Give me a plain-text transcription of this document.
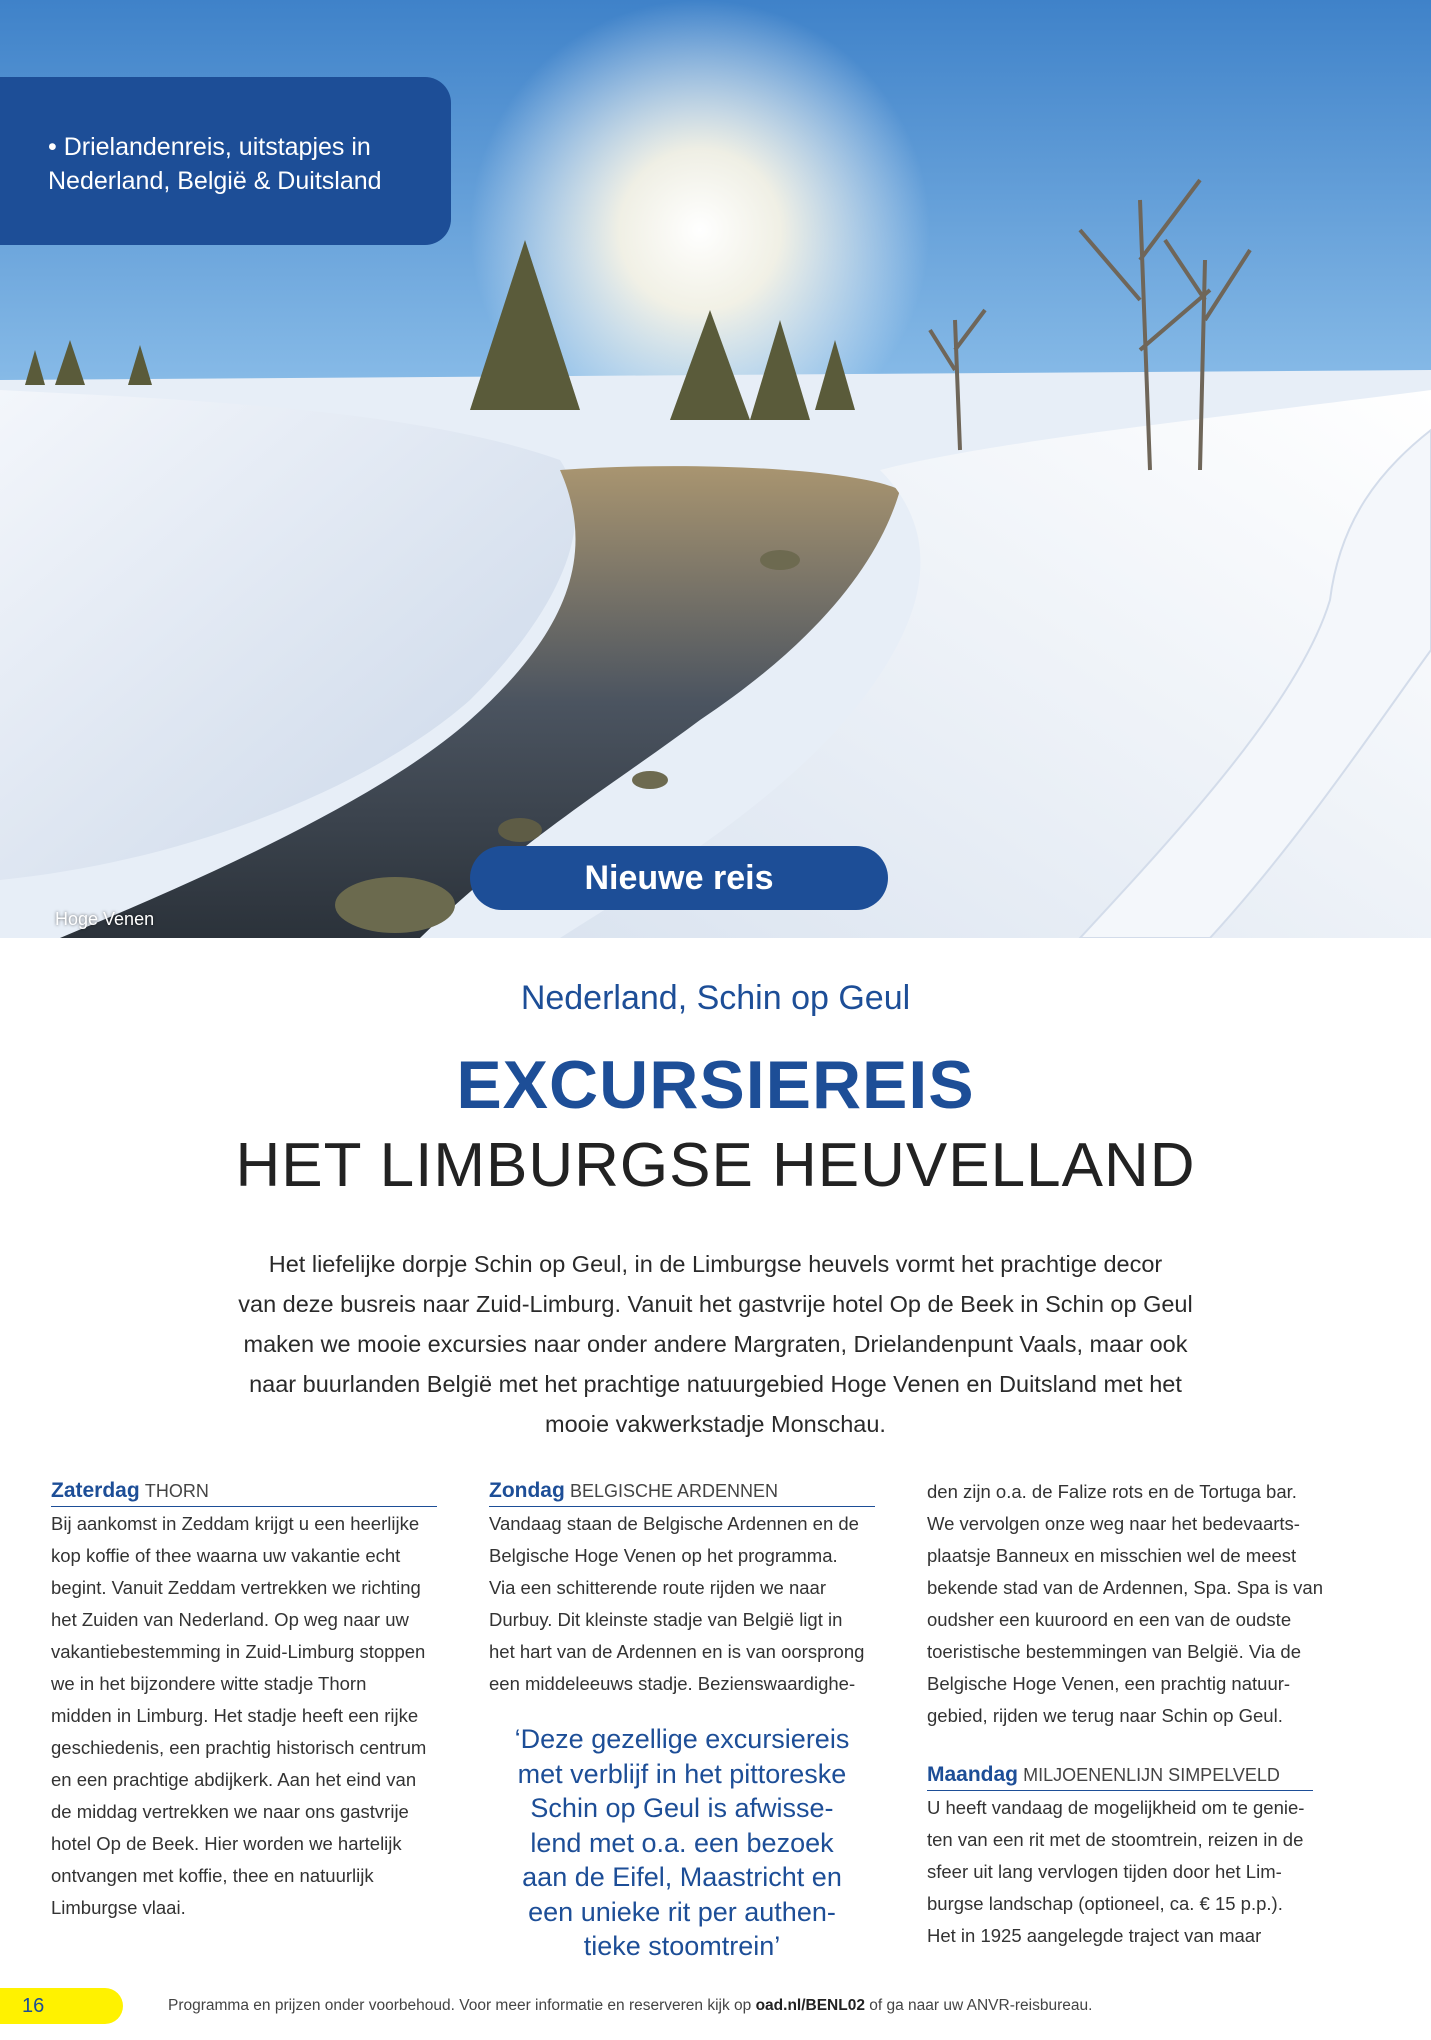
• Drielandenreis, uitstapjes in
Nederland, België & Duitsland
Nieuwe reis
Hoge Venen
Nederland, Schin op Geul
EXCURSIEREIS
HET LIMBURGSE HEUVELLAND
Het liefelijke dorpje Schin op Geul, in de Limburgse heuvels vormt het prachtige decor
van deze busreis naar Zuid-Limburg. Vanuit het gastvrije hotel Op de Beek in Schin op Geul
maken we mooie excursies naar onder andere Margraten, Drielandenpunt Vaals, maar ook
naar buurlanden België met het prachtige natuurgebied Hoge Venen en Duitsland met het
mooie vakwerkstadje Monschau.
Zaterdag THORN
Bij aankomst in Zeddam krijgt u een heerlijke
kop koffie of thee waarna uw vakantie echt
begint. Vanuit Zeddam vertrekken we richting
het Zuiden van Nederland. Op weg naar uw
vakantiebestemming in Zuid-Limburg stoppen
we in het bijzondere witte stadje Thorn
midden in Limburg. Het stadje heeft een rijke
geschiedenis, een prachtig historisch centrum
en een prachtige abdijkerk. Aan het eind van
de middag vertrekken we naar ons gastvrije
hotel Op de Beek. Hier worden we hartelijk
ontvangen met koffie, thee en natuurlijk
Limburgse vlaai.
Zondag BELGISCHE ARDENNEN
Vandaag staan de Belgische Ardennen en de
Belgische Hoge Venen op het programma.
Via een schitterende route rijden we naar
Durbuy. Dit kleinste stadje van België ligt in
het hart van de Ardennen en is van oorsprong
een middeleeuws stadje. Bezienswaardighe-
‘Deze gezellige excursiereis
met verblijf in het pittoreske
Schin op Geul is afwisse-
lend met o.a. een bezoek
aan de Eifel, Maastricht en
een unieke rit per authen-
tieke stoomtrein’
den zijn o.a. de Falize rots en de Tortuga bar.
We vervolgen onze weg naar het bedevaarts-
plaatsje Banneux en misschien wel de meest
bekende stad van de Ardennen, Spa. Spa is van
oudsher een kuuroord en een van de oudste
toeristische bestemmingen van België. Via de
Belgische Hoge Venen, een prachtig natuur-
gebied, rijden we terug naar Schin op Geul.
Maandag MILJOENENLIJN SIMPELVELD
U heeft vandaag de mogelijkheid om te genie-
ten van een rit met de stoomtrein, reizen in de
sfeer uit lang vervlogen tijden door het Lim-
burgse landschap (optioneel, ca. € 15 p.p.).
Het in 1925 aangelegde traject van maar
16	Programma en prijzen onder voorbehoud. Voor meer informatie en reserveren kijk op oad.nl/BENL02 of ga naar uw ANVR-reisbureau.
